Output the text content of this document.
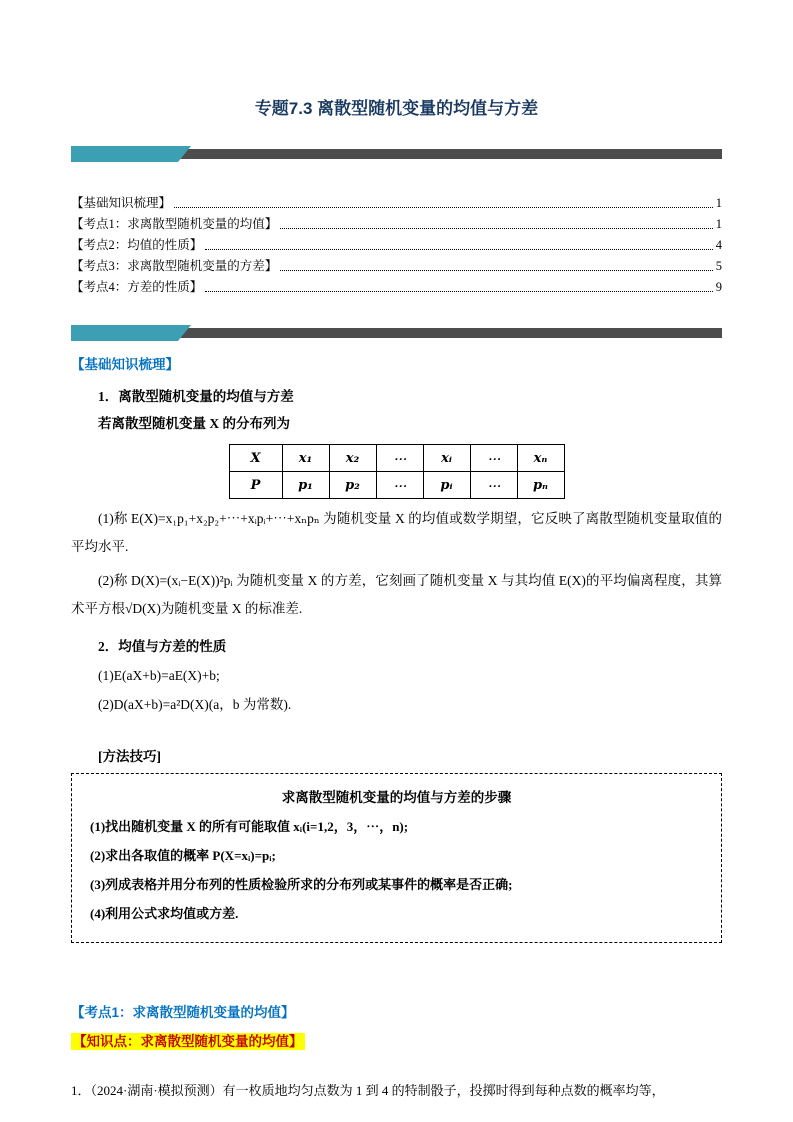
专题7.3 离散型随机变量的均值与方差
【基础知识梳理】	1
【考点1：求离散型随机变量的均值】	1
【考点2：均值的性质】	4
【考点3：求离散型随机变量的方差】	5
【考点4：方差的性质】	9
【基础知识梳理】

1．离散型随机变量的均值与方差

若离散型随机变量 X 的分布列为

X	x₁	x₂	⋯	xᵢ	⋯	xₙ
P	p₁	p₂	⋯	pᵢ	⋯	pₙ

(1)称 E(X)=x₁p₁+x₂p₂+⋯+xᵢpᵢ+⋯+xₙpₙ 为随机变量 X 的均值或数学期望，它反映了离散型随机变量取值的平均水平.

(2)称 D(X)=(xᵢ−E(X))²pᵢ 为随机变量 X 的方差，它刻画了随机变量 X 与其均值 E(X)的平均偏离程度，其算术平方根√D(X)为随机变量 X 的标准差.

2．均值与方差的性质

(1)E(aX+b)=aE(X)+b;

(2)D(aX+b)=a²D(X)(a，b 为常数).

[方法技巧]

求离散型随机变量的均值与方差的步骤

(1)找出随机变量 X 的所有可能取值 xᵢ(i=1,2，3，⋯，n);

(2)求出各取值的概率 P(X=xᵢ)=pᵢ;

(3)列成表格并用分布列的性质检验所求的分布列或某事件的概率是否正确;

(4)利用公式求均值或方差.

【考点1：求离散型随机变量的均值】

【知识点：求离散型随机变量的均值】

1．（2024·湖南·模拟预测）有一枚质地均匀点数为 1 到 4 的特制骰子，投掷时得到每种点数的概率均等，
